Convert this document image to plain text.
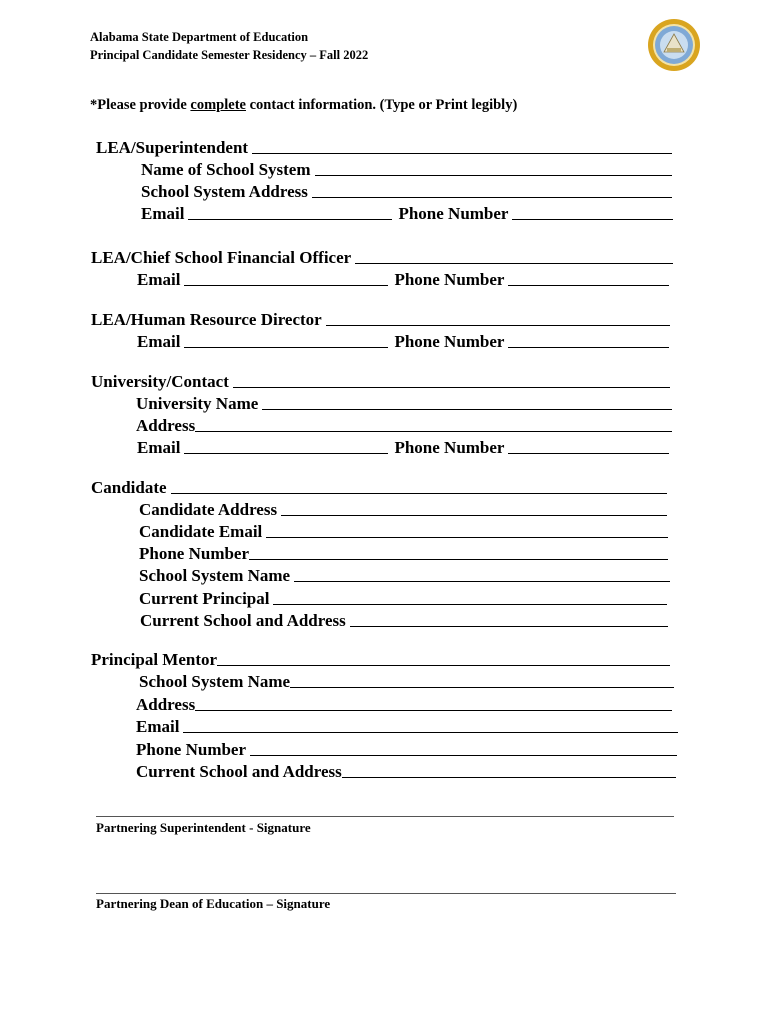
Alabama State Department of Education
Principal Candidate Semester Residency – Fall 2022
*Please provide complete contact information. (Type or Print legibly)
LEA/Superintendent
Name of School System
School System Address
Email	Phone Number
LEA/Chief School Financial Officer
Email	Phone Number
LEA/Human Resource Director
Email	Phone Number
University/Contact
University Name
Address
Email	Phone Number
Candidate
Candidate Address
Candidate Email
Phone Number
School System Name
Current Principal
Current School and Address
Principal Mentor
School System Name
Address
Email
Phone Number
Current School and Address
Partnering Superintendent - Signature
Partnering Dean of Education – Signature
